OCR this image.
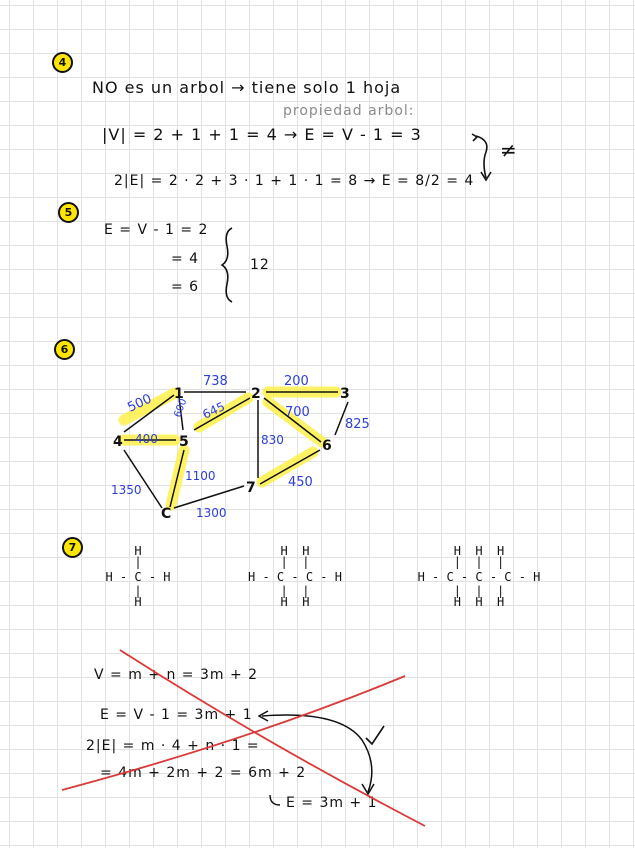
4
NO es un arbol → tiene solo 1 hoja
propiedad arbol:
|V| = 2 + 1 + 1 = 4 → E = V - 1 = 3
≠
2|E| = 2 · 2 + 3 · 1 + 1 · 1 = 8 → E = 8/2 = 4
5
E = V - 1 = 2
= 4
= 6
12
6
1	2	3
4	5	6
7
C
738	200
500 600 645	700
825
400	830
1100	450
1350
1300
7	H
|
H - C - H
|
H
H  H
|  |
H - C - C - H
|  |
H  H
H  H  H
|  |  |
H - C - C - C - H
|  |  |
H  H  H
V = m + n = 3m + 2
E = V - 1 = 3m + 1
2|E| = m · 4 + n · 1 =
= 4m + 2m + 2 = 6m + 2
E = 3m + 1
